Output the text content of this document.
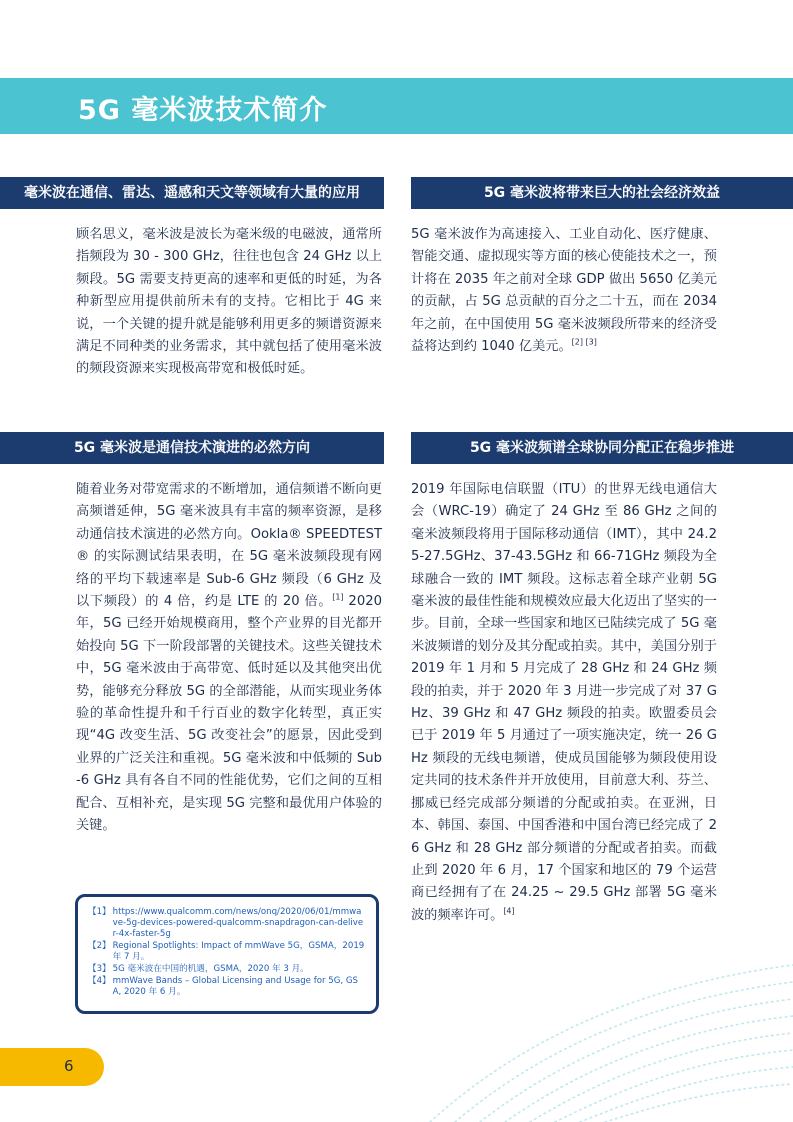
5G 毫米波技术简介
毫米波在通信、雷达、遥感和天文等领域有大量的应用

顾名思义，毫米波是波长为毫米级的电磁波，通常所指频段为 30 - 300 GHz，往往也包含 24 GHz 以上频段。5G 需要支持更高的速率和更低的时延，为各种新型应用提供前所未有的支持。它相比于 4G 来说，一个关键的提升就是能够利用更多的频谱资源来满足不同种类的业务需求，其中就包括了使用毫米波的频段资源来实现极高带宽和极低时延。

5G 毫米波将带来巨大的社会经济效益

5G 毫米波作为高速接入、工业自动化、医疗健康、智能交通、虚拟现实等方面的核心使能技术之一，预计将在 2035 年之前对全球 GDP 做出 5650 亿美元的贡献，占 5G 总贡献的百分之二十五，而在 2034 年之前，在中国使用 5G 毫米波频段所带来的经济受益将达到约 1040 亿美元。[2] [3]

5G 毫米波是通信技术演进的必然方向

随着业务对带宽需求的不断增加，通信频谱不断向更高频谱延伸，5G 毫米波具有丰富的频率资源，是移动通信技术演进的必然方向。Ookla® SPEEDTEST® 的实际测试结果表明，在 5G 毫米波频段现有网络的平均下载速率是 Sub-6 GHz 频段（6 GHz 及以下频段）的 4 倍，约是 LTE 的 20 倍。[1] 2020 年，5G 已经开始规模商用，整个产业界的目光都开始投向 5G 下一阶段部署的关键技术。这些关键技术中，5G 毫米波由于高带宽、低时延以及其他突出优势，能够充分释放 5G 的全部潜能，从而实现业务体验的革命性提升和千行百业的数字化转型，真正实现“4G 改变生活、5G 改变社会”的愿景，因此受到业界的广泛关注和重视。5G 毫米波和中低频的 Sub-6 GHz 具有各自不同的性能优势，它们之间的互相配合、互相补充，是实现 5G 完整和最优用户体验的关键。

5G 毫米波频谱全球协同分配正在稳步推进

2019 年国际电信联盟（ITU）的世界无线电通信大会（WRC-19）确定了 24 GHz 至 86 GHz 之间的毫米波频段将用于国际移动通信（IMT），其中 24.25-27.5GHz、37-43.5GHz 和 66-71GHz 频段为全球融合一致的 IMT 频段。这标志着全球产业朝 5G 毫米波的最佳性能和规模效应最大化迈出了坚实的一步。目前，全球一些国家和地区已陆续完成了 5G 毫米波频谱的划分及其分配或拍卖。其中，美国分别于 2019 年 1 月和 5 月完成了 28 GHz 和 24 GHz 频段的拍卖，并于 2020 年 3 月进一步完成了对 37 GHz、39 GHz 和 47 GHz 频段的拍卖。欧盟委员会已于 2019 年 5 月通过了一项实施决定，统一 26 GHz 频段的无线电频谱，使成员国能够为频段使用设定共同的技术条件并开放使用，目前意大利、芬兰、挪威已经完成部分频谱的分配或拍卖。在亚洲，日本、韩国、泰国、中国香港和中国台湾已经完成了 26 GHz 和 28 GHz 部分频谱的分配或者拍卖。而截止到 2020 年 6 月，17 个国家和地区的 79 个运营商已经拥有了在 24.25 ~ 29.5 GHz 部署 5G 毫米波的频率许可。[4]

【1】 https://www.qualcomm.com/news/onq/2020/06/01/mmwave-5g-devices-powered-qualcomm-snapdragon-can-deliver-4x-faster-5g
【2】 Regional Spotlights: Impact of mmWave 5G，GSMA，2019 年 7 月。
【3】 5G 毫米波在中国的机遇，GSMA，2020 年 3 月。
【4】 mmWave Bands – Global Licensing and Usage for 5G, GSA, 2020 年 6 月。
6
